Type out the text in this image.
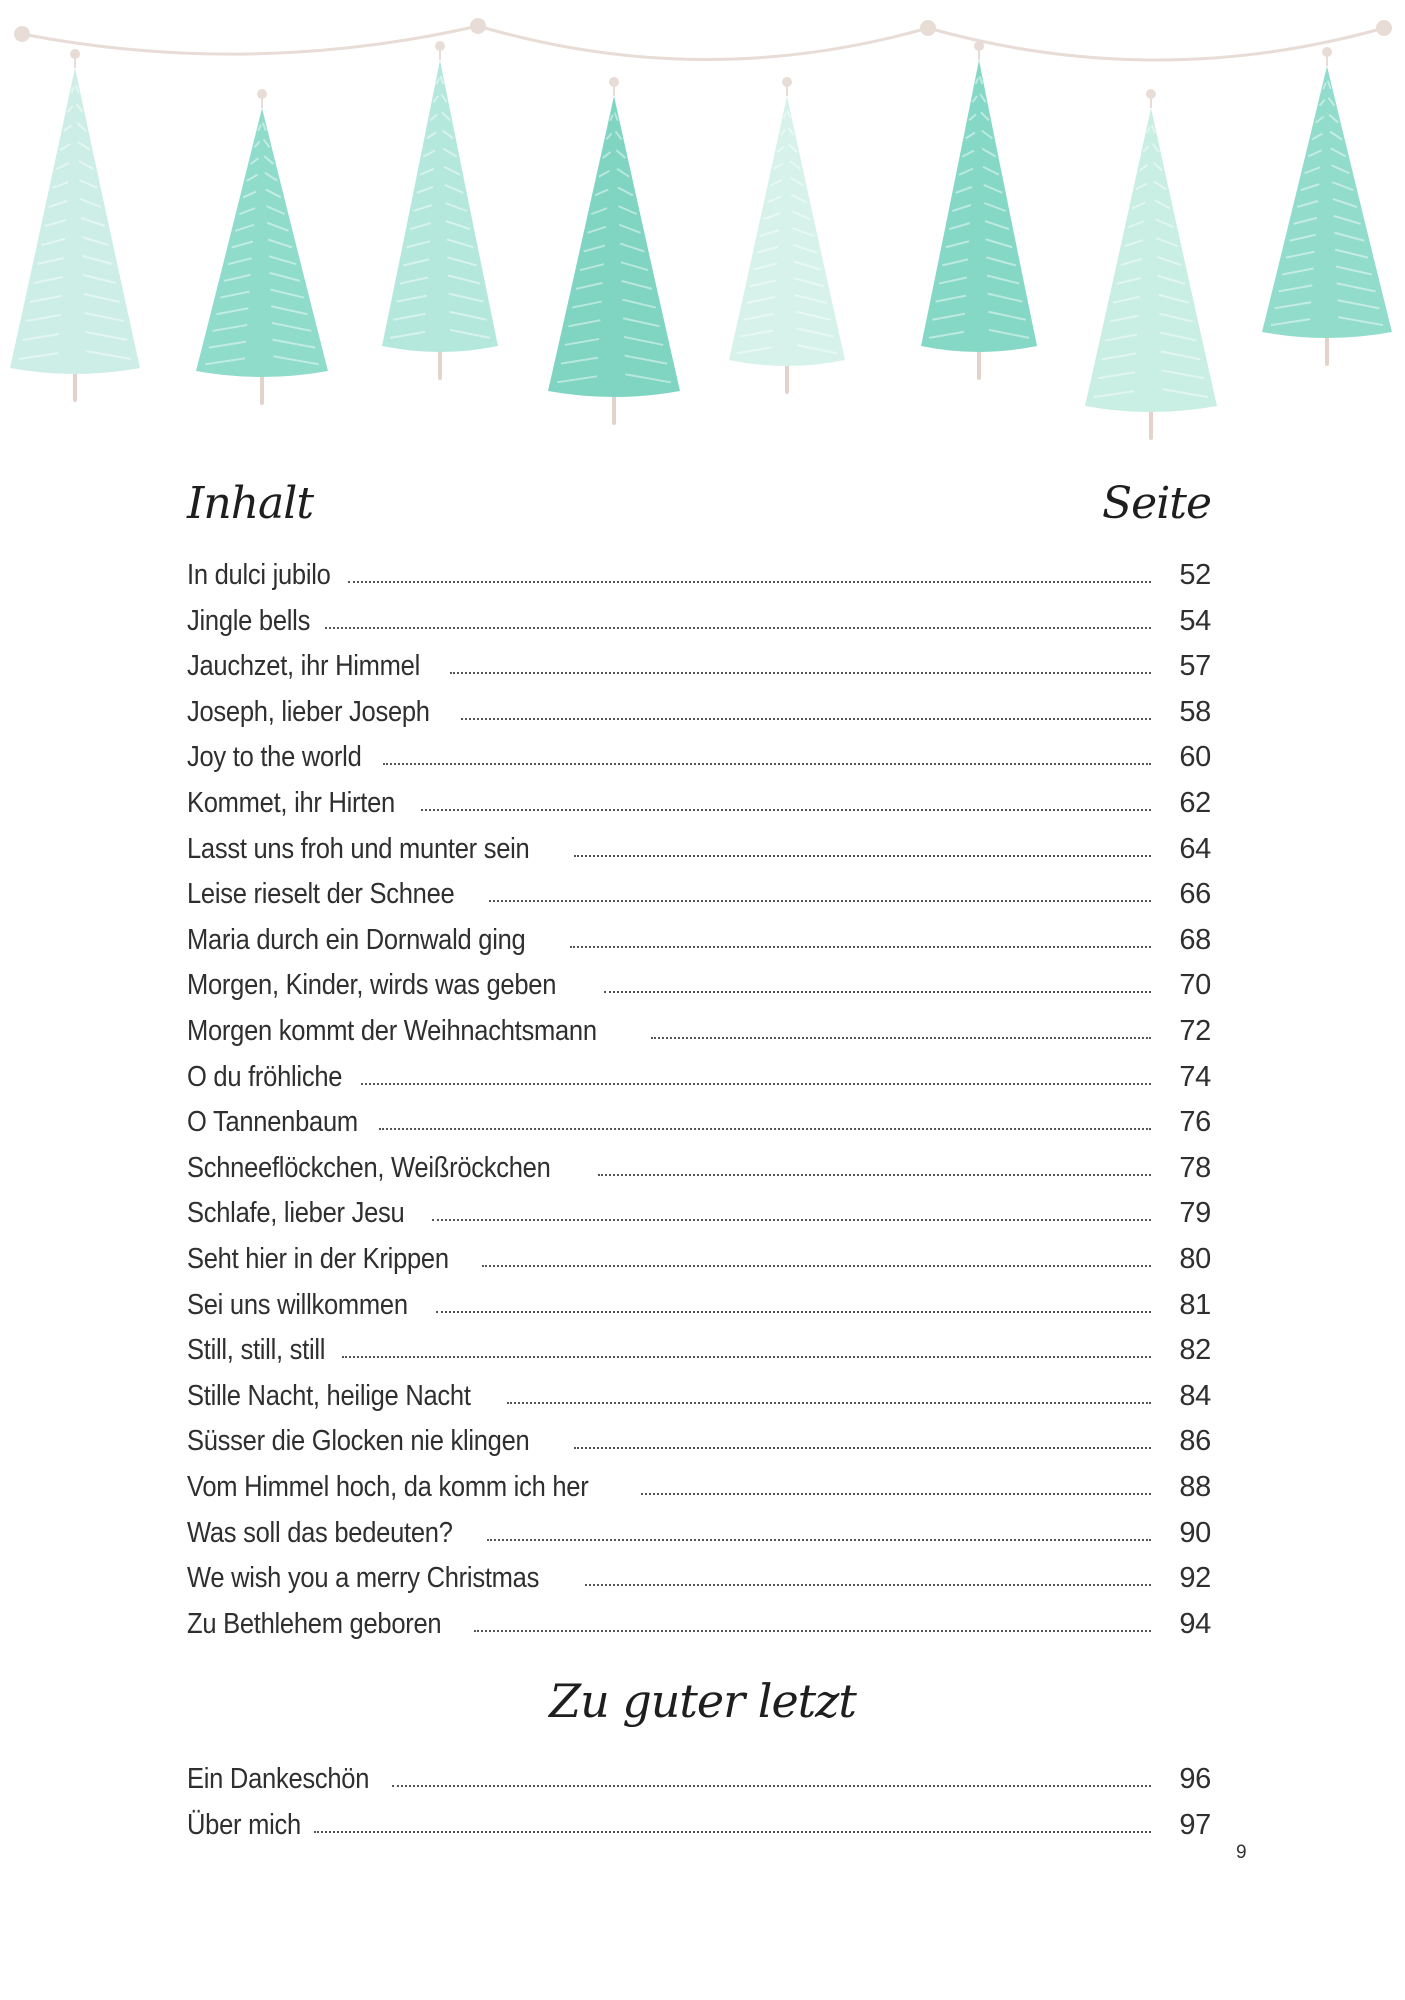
Inhalt	Seite
In dulci jubilo	52
Jingle bells	54
Jauchzet, ihr Himmel	57
Joseph, lieber Joseph	58
Joy to the world	60
Kommet, ihr Hirten	62
Lasst uns froh und munter sein	64
Leise rieselt der Schnee	66
Maria durch ein Dornwald ging	68
Morgen, Kinder, wirds was geben	70
Morgen kommt der Weihnachtsmann	72
O du fröhliche	74
O Tannenbaum	76
Schneeflöckchen, Weißröckchen	78
Schlafe, lieber Jesu	79
Seht hier in der Krippen	80
Sei uns willkommen	81
Still, still, still	82
Stille Nacht, heilige Nacht	84
Süsser die Glocken nie klingen	86
Vom Himmel hoch, da komm ich her	88
Was soll das bedeuten?	90
We wish you a merry Christmas	92
Zu Bethlehem geboren	94
Zu guter letzt
Ein Dankeschön	96
Über mich	97
9
